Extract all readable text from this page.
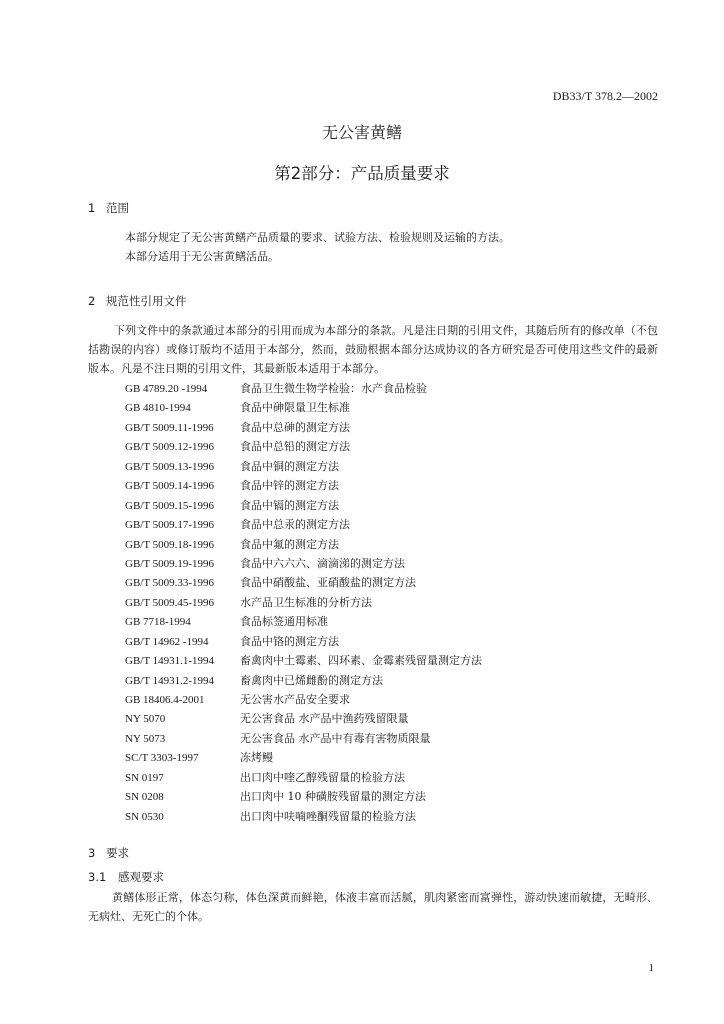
DB33/T 378.2—2002
无公害黄鳝
第2部分：产品质量要求
1 范围
本部分规定了无公害黄鳝产品质量的要求、试验方法、检验规则及运输的方法。
本部分适用于无公害黄鳝活品。
2 规范性引用文件
下列文件中的条款通过本部分的引用而成为本部分的条款。凡是注日期的引用文件，其随后所有的修改单（不包括勘误的内容）或修订版均不适用于本部分，然而，鼓励根据本部分达成协议的各方研究是否可使用这些文件的最新版本。凡是不注日期的引用文件，其最新版本适用于本部分。
GB 4789.20 -1994	食品卫生微生物学检验：水产食品检验
GB 4810-1994	食品中砷限量卫生标准
GB/T 5009.11-1996 食品中总砷的测定方法
GB/T 5009.12-1996 食品中总铅的测定方法
GB/T 5009.13-1996 食品中铜的测定方法
GB/T 5009.14-1996 食品中锌的测定方法
GB/T 5009.15-1996 食品中镉的测定方法
GB/T 5009.17-1996 食品中总汞的测定方法
GB/T 5009.18-1996 食品中氟的测定方法
GB/T 5009.19-1996 食品中六六六、滴滴涕的测定方法
GB/T 5009.33-1996 食品中硝酸盐、亚硝酸盐的测定方法
GB/T 5009.45-1996 水产品卫生标准的分析方法
GB 7718-1994	食品标签通用标准
GB/T 14962 -1994	食品中铬的测定方法
GB/T 14931.1-1994 畜禽肉中土霉素、四环素、金霉素残留量测定方法
GB/T 14931.2-1994 畜禽肉中已烯雌酚的测定方法
GB 18406.4-2001	无公害水产品安全要求
NY 5070	无公害食品 水产品中渔药残留限量
NY 5073	无公害食品 水产品中有毒有害物质限量
SC/T 3303-1997	冻烤鳗
SN 0197	出口肉中喹乙醇残留量的检验方法
SN 0208	出口肉中 10 种磺胺残留量的测定方法
SN 0530	出口肉中呋喃唑酮残留量的检验方法
3 要求
3.1 感观要求
黄鳝体形正常，体态匀称，体色深黄而鲜艳，体液丰富而活腻，肌肉紧密而富弹性，游动快速而敏捷，无畸形、无病灶、无死亡的个体。
1
